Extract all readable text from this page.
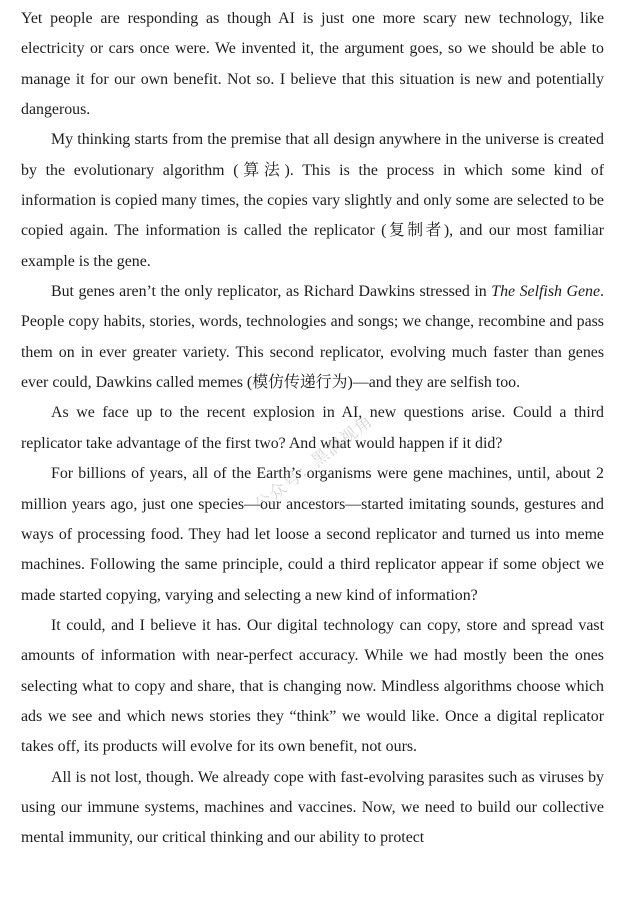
Yet people are responding as though AI is just one more scary new technology, like electricity or cars once were. We invented it, the argument goes, so we should be able to manage it for our own benefit. Not so. I believe that this situation is new and potentially dangerous.

My thinking starts from the premise that all design anywhere in the universe is created by the evolutionary algorithm (算法). This is the process in which some kind of information is copied many times, the copies vary slightly and only some are selected to be copied again. The information is called the replicator (复制者), and our most familiar example is the gene.

But genes aren’t the only replicator, as Richard Dawkins stressed in The Selfish Gene. People copy habits, stories, words, technologies and songs; we change, recombine and pass them on in ever greater variety. This second replicator, evolving much faster than genes ever could, Dawkins called memes (模仿传递行为)—and they are selfish too.

As we face up to the recent explosion in AI, new questions arise. Could a third replicator take advantage of the first two? And what would happen if it did?

For billions of years, all of the Earth’s organisms were gene machines, until, about 2 million years ago, just one species—our ancestors—started imitating sounds, gestures and ways of processing food. They had let loose a second replicator and turned us into meme machines. Following the same principle, could a third replicator appear if some object we made started copying, varying and selecting a new kind of information?

It could, and I believe it has. Our digital technology can copy, store and spread vast amounts of information with near-perfect accuracy. While we had mostly been the ones selecting what to copy and share, that is changing now. Mindless algorithms choose which ads we see and which news stories they “think” we would like. Once a digital replicator takes off, its products will evolve for its own benefit, not ours.

All is not lost, though. We already cope with fast-evolving parasites such as viruses by using our immune systems, machines and vaccines. Now, we need to build our collective mental immunity, our critical thinking and our ability to protect

公众号：黑洞视角
